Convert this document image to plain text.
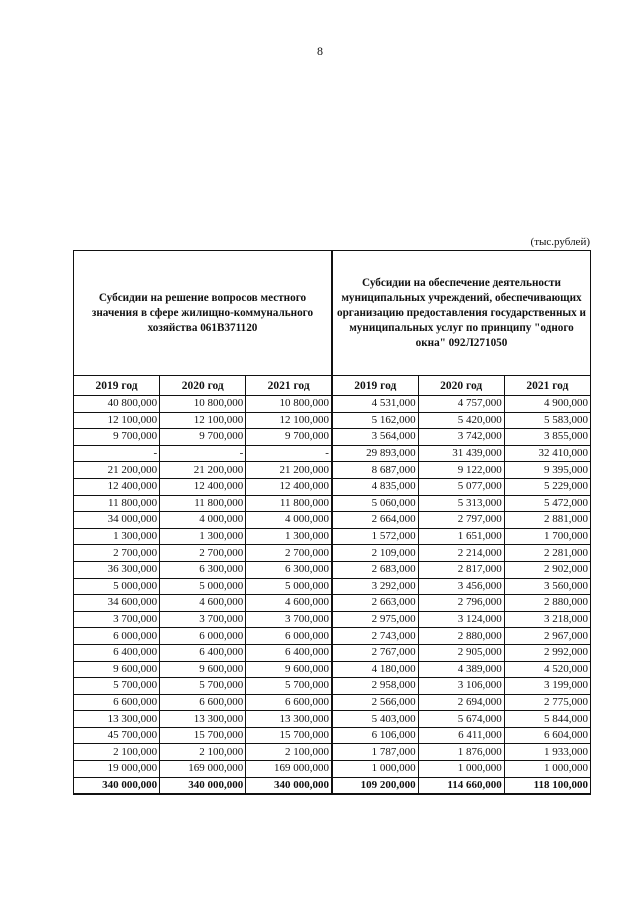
8
(тыс.рублей)
Субсидии на решение вопросов местного значения в сфере жилищно-коммунального хозяйства 061B371120			Субсидии на обеспечение деятельности муниципальных учреждений, обеспечивающих организацию предоставления государственных и муниципальных услуг по принципу "одного окна" 092Л271050		
2019 год	2020 год	2021 год	2019 год	2020 год	2021 год
40 800,000	10 800,000	10 800,000	4 531,000	4 757,000	4 900,000
12 100,000	12 100,000	12 100,000	5 162,000	5 420,000	5 583,000
9 700,000	9 700,000	9 700,000	3 564,000	3 742,000	3 855,000
-	-	-	29 893,000	31 439,000	32 410,000
21 200,000	21 200,000	21 200,000	8 687,000	9 122,000	9 395,000
12 400,000	12 400,000	12 400,000	4 835,000	5 077,000	5 229,000
11 800,000	11 800,000	11 800,000	5 060,000	5 313,000	5 472,000
34 000,000	4 000,000	4 000,000	2 664,000	2 797,000	2 881,000
1 300,000	1 300,000	1 300,000	1 572,000	1 651,000	1 700,000
2 700,000	2 700,000	2 700,000	2 109,000	2 214,000	2 281,000
36 300,000	6 300,000	6 300,000	2 683,000	2 817,000	2 902,000
5 000,000	5 000,000	5 000,000	3 292,000	3 456,000	3 560,000
34 600,000	4 600,000	4 600,000	2 663,000	2 796,000	2 880,000
3 700,000	3 700,000	3 700,000	2 975,000	3 124,000	3 218,000
6 000,000	6 000,000	6 000,000	2 743,000	2 880,000	2 967,000
6 400,000	6 400,000	6 400,000	2 767,000	2 905,000	2 992,000
9 600,000	9 600,000	9 600,000	4 180,000	4 389,000	4 520,000
5 700,000	5 700,000	5 700,000	2 958,000	3 106,000	3 199,000
6 600,000	6 600,000	6 600,000	2 566,000	2 694,000	2 775,000
13 300,000	13 300,000	13 300,000	5 403,000	5 674,000	5 844,000
45 700,000	15 700,000	15 700,000	6 106,000	6 411,000	6 604,000
2 100,000	2 100,000	2 100,000	1 787,000	1 876,000	1 933,000
19 000,000	169 000,000	169 000,000	1 000,000	1 000,000	1 000,000
340 000,000	340 000,000	340 000,000	109 200,000	114 660,000	118 100,000
